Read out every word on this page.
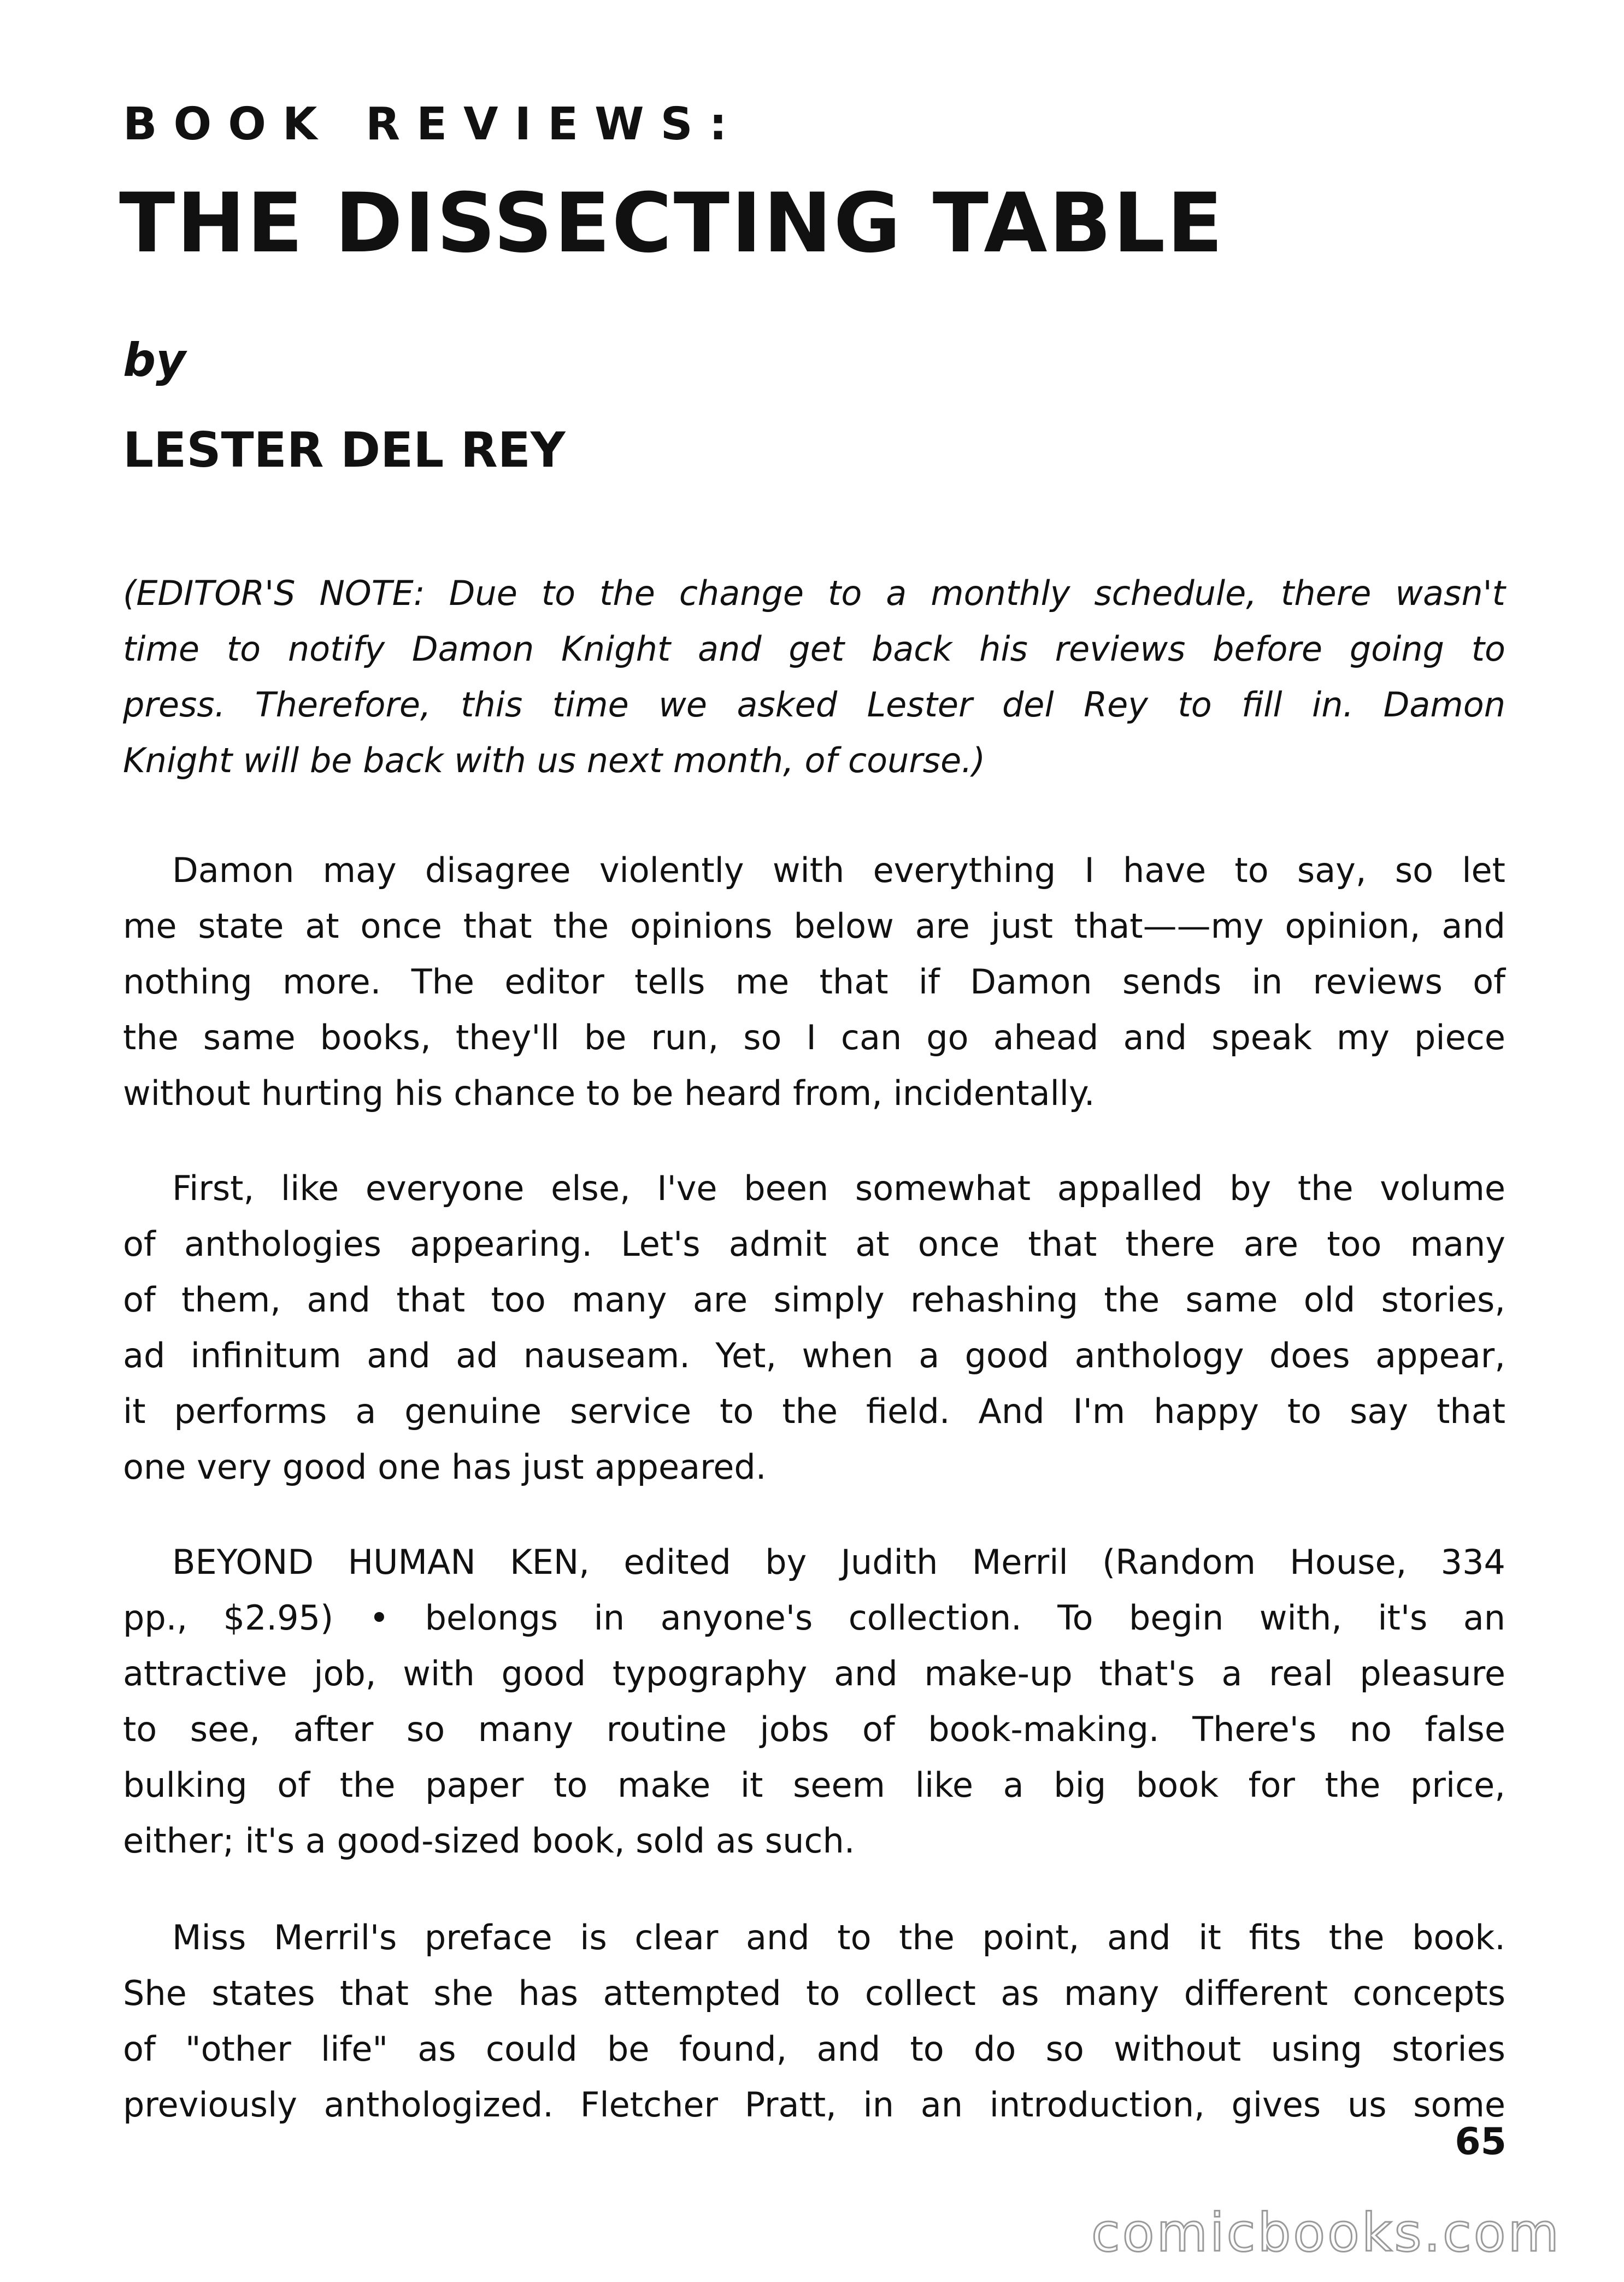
BOOK REVIEWS:
THE DISSECTING TABLE
by
LESTER DEL REY
(EDITOR'S NOTE: Due to the change to a monthly schedule, there wasn't
time to notify Damon Knight and get back his reviews before going to
press. Therefore, this time we asked Lester del Rey to fill in. Damon
Knight will be back with us next month, of course.)
Damon may disagree violently with everything I have to say, so let
me state at once that the opinions below are just that——my opinion, and
nothing more. The editor tells me that if Damon sends in reviews of
the same books, they'll be run, so I can go ahead and speak my piece
without hurting his chance to be heard from, incidentally.
First, like everyone else, I've been somewhat appalled by the volume
of anthologies appearing. Let's admit at once that there are too many
of them, and that too many are simply rehashing the same old stories,
ad infinitum and ad nauseam. Yet, when a good anthology does appear,
it performs a genuine service to the field. And I'm happy to say that
one very good one has just appeared.
BEYOND HUMAN KEN, edited by Judith Merril (Random House, 334
pp., $2.95) • belongs in anyone's collection. To begin with, it's an
attractive job, with good typography and make-up that's a real pleasure
to see, after so many routine jobs of book-making. There's no false
bulking of the paper to make it seem like a big book for the price,
either; it's a good-sized book, sold as such.
Miss Merril's preface is clear and to the point, and it fits the book.
She states that she has attempted to collect as many different concepts
of "other life" as could be found, and to do so without using stories
previously anthologized. Fletcher Pratt, in an introduction, gives us some
65
comicbooks.com
